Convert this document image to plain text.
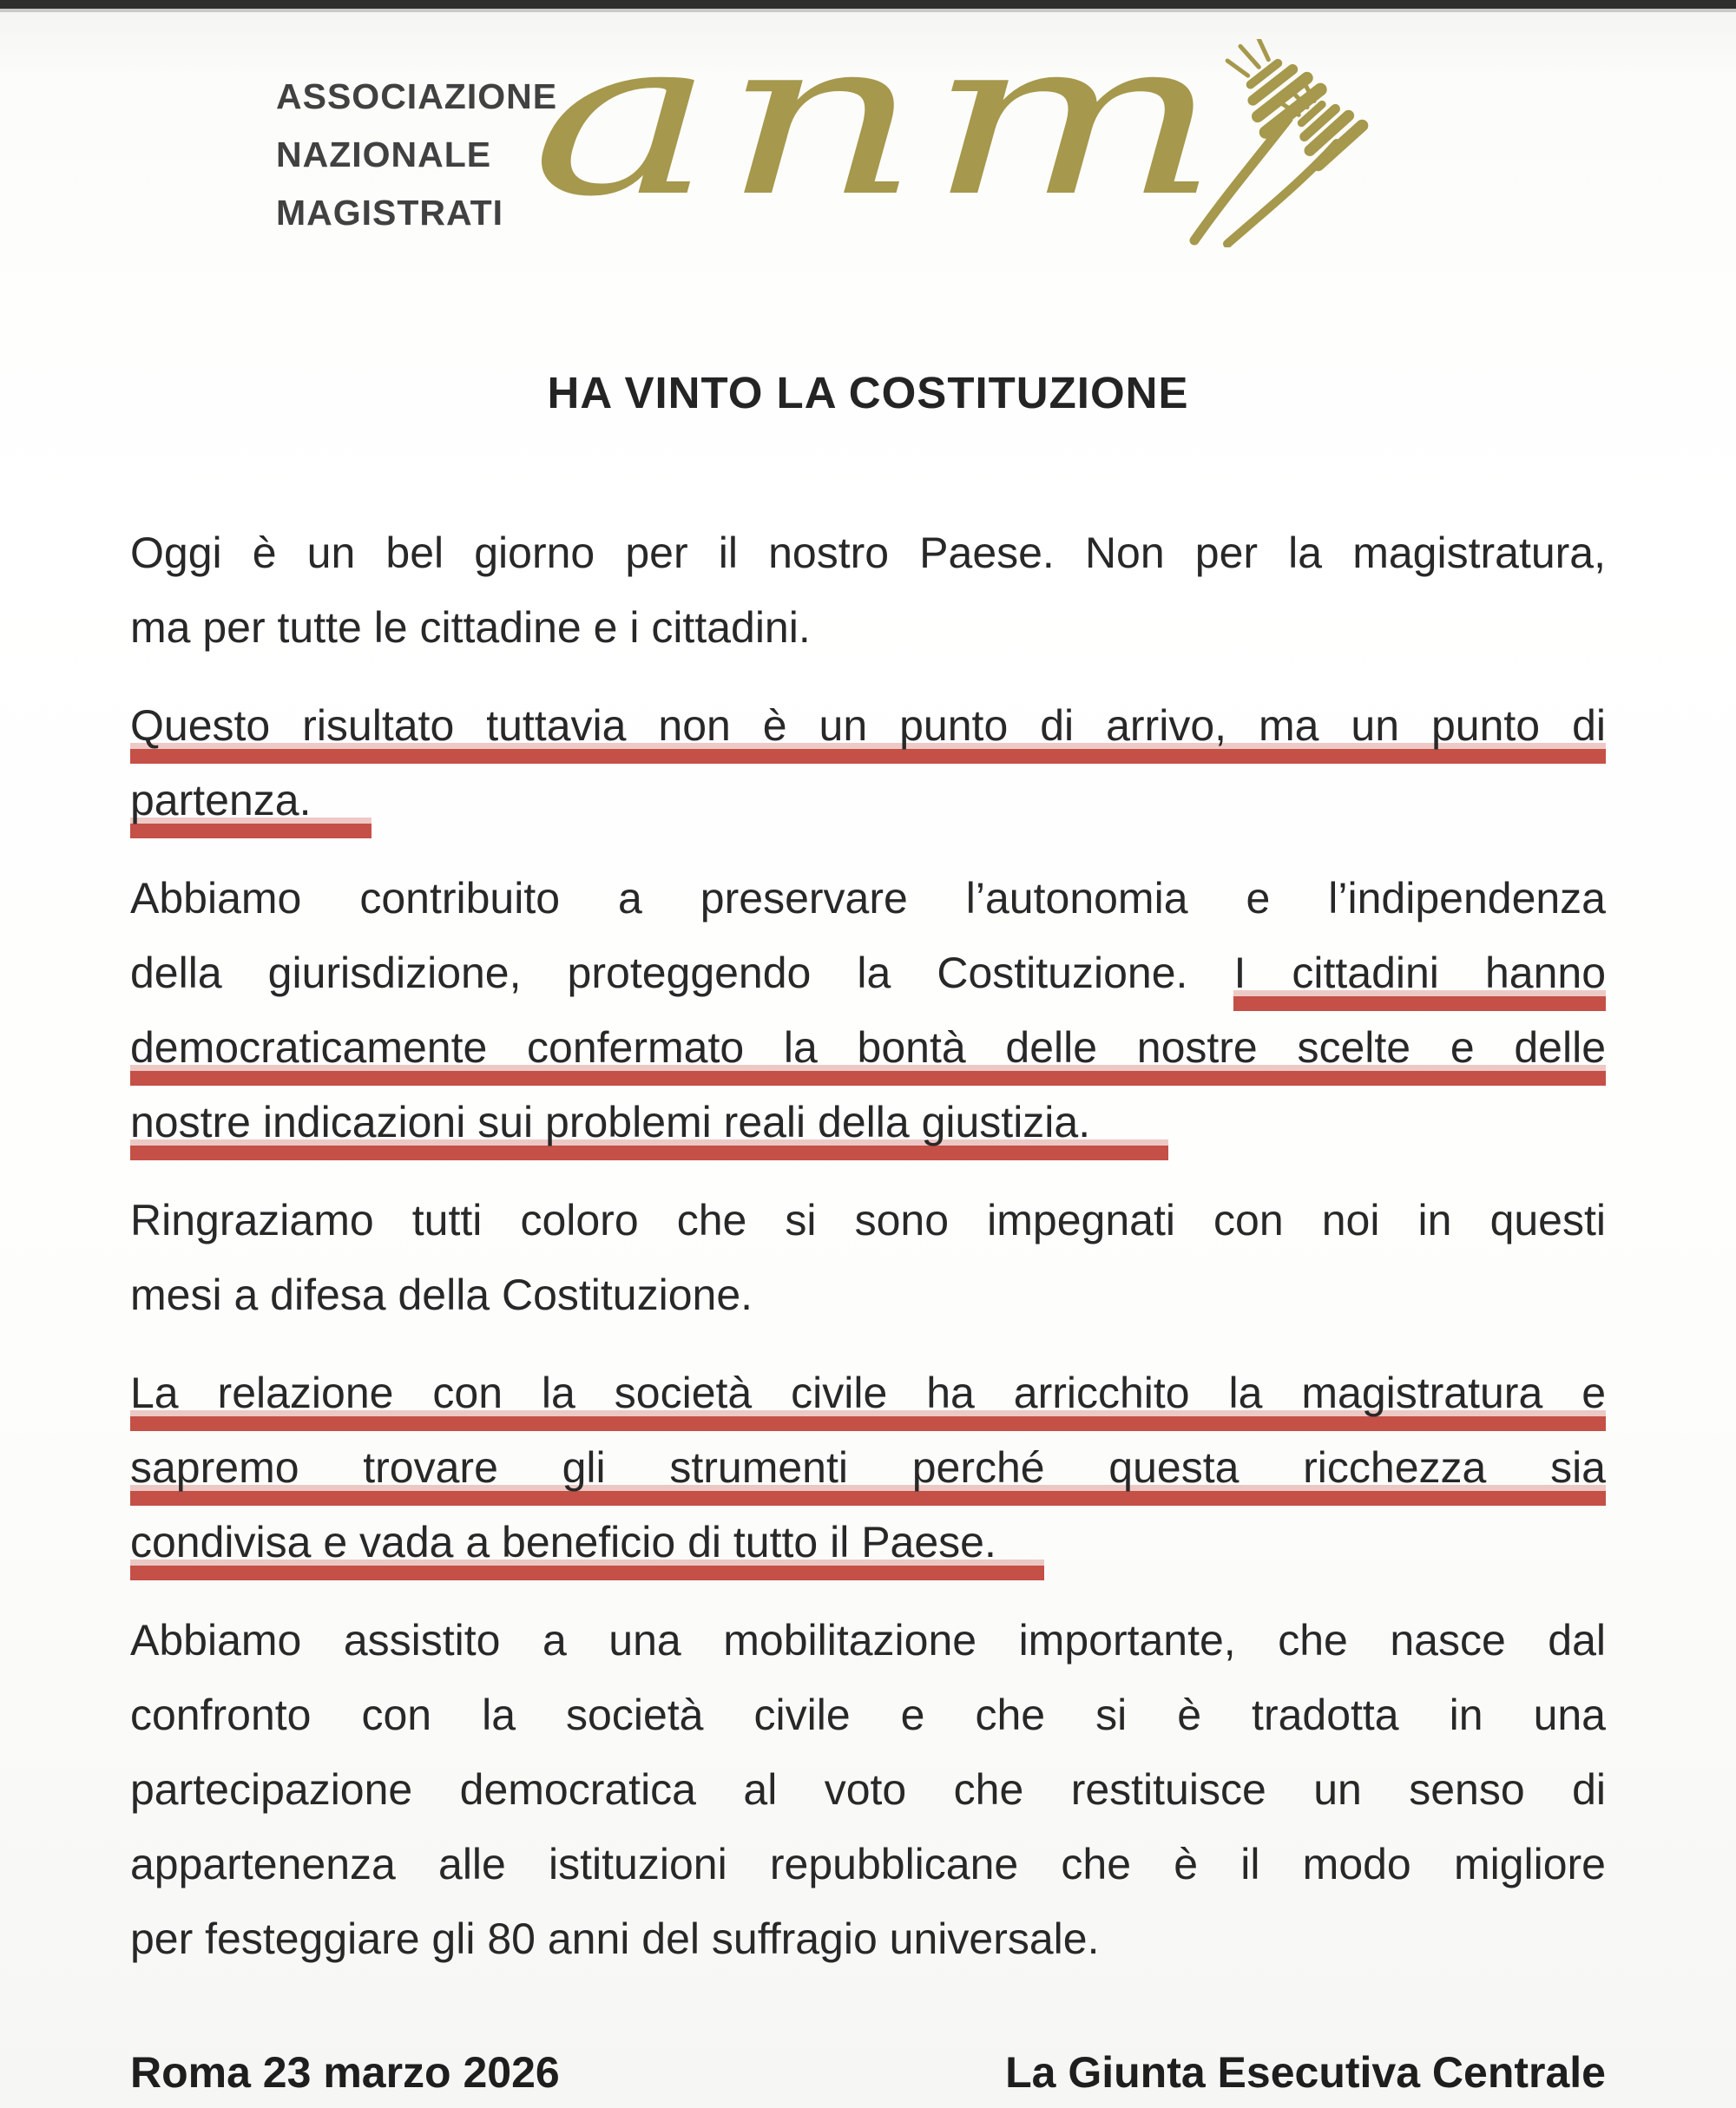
ASSOCIAZIONE
NAZIONALE
MAGISTRATI anm
HA VINTO LA COSTITUZIONE
Oggi è un bel giorno per il nostro Paese. Non per la magistratura,
ma per tutte le cittadine e i cittadini.
Questo risultato tuttavia non è un punto di arrivo, ma un punto di
partenza.
Abbiamo contribuito a preservare l’autonomia e l’indipendenza
della giurisdizione, proteggendo la Costituzione. I cittadini hanno
democraticamente confermato la bontà delle nostre scelte e delle
nostre indicazioni sui problemi reali della giustizia.
Ringraziamo tutti coloro che si sono impegnati con noi in questi
mesi a difesa della Costituzione.
La relazione con la società civile ha arricchito la magistratura e
sapremo trovare gli strumenti perché questa ricchezza sia
condivisa e vada a beneficio di tutto il Paese.
Abbiamo assistito a una mobilitazione importante, che nasce dal
confronto con la società civile e che si è tradotta in una
partecipazione democratica al voto che restituisce un senso di
appartenenza alle istituzioni repubblicane che è il modo migliore
per festeggiare gli 80 anni del suffragio universale.
Roma 23 marzo 2026	La Giunta Esecutiva Centrale
